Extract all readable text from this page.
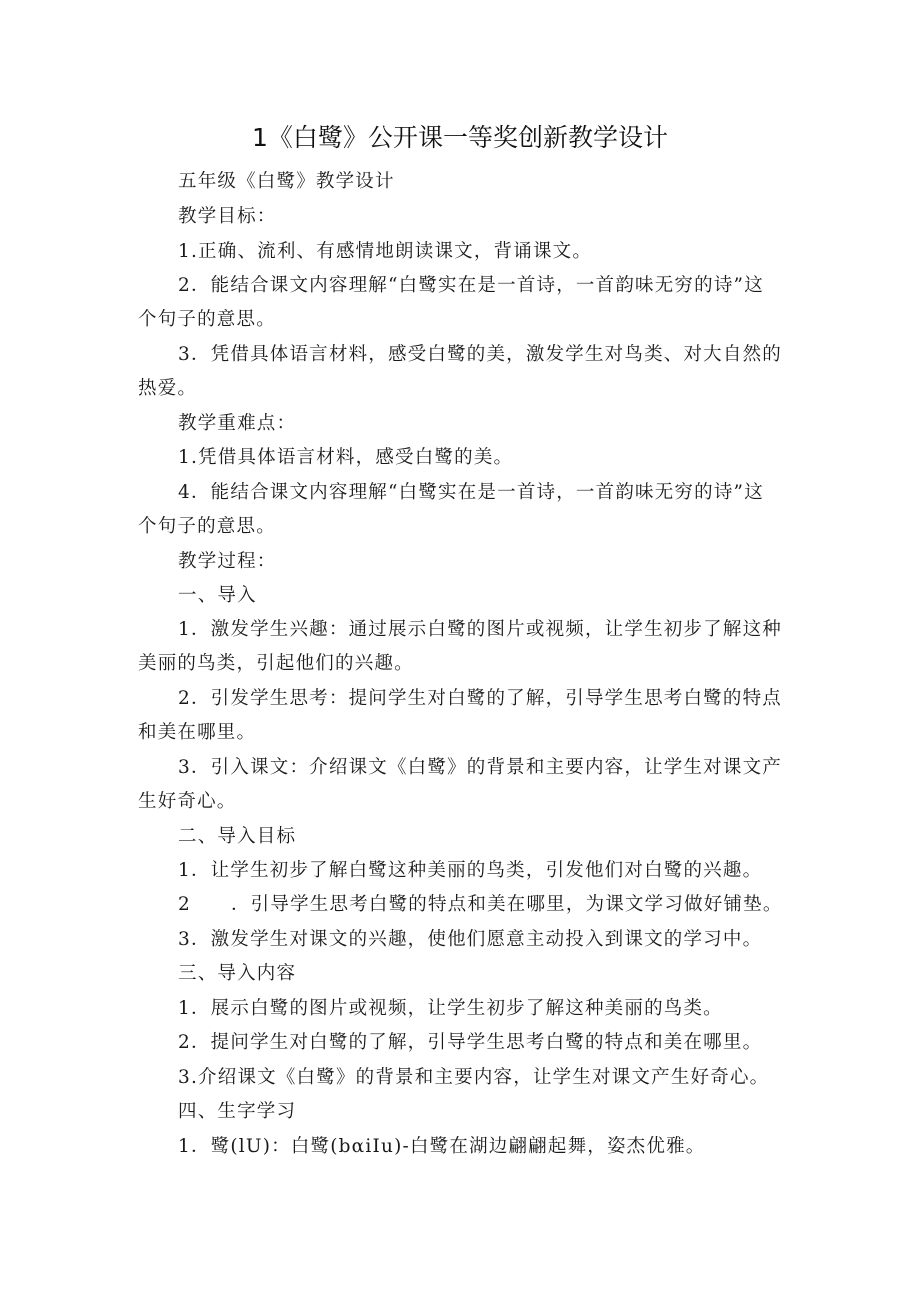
1《白鹭》公开课一等奖创新教学设计
五年级《白鹭》教学设计
教学目标：
1.正确、流利、有感情地朗读课文，背诵课文。
2．能结合课文内容理解“白鹭实在是一首诗，一首韵味无穷的诗”这
个句子的意思。
3．凭借具体语言材料，感受白鹭的美，激发学生对鸟类、对大自然的
热爱。
教学重难点：
1.凭借具体语言材料，感受白鹭的美。
4．能结合课文内容理解“白鹭实在是一首诗，一首韵味无穷的诗”这
个句子的意思。
教学过程：
一、导入
1．激发学生兴趣：通过展示白鹭的图片或视频，让学生初步了解这种
美丽的鸟类，引起他们的兴趣。
2．引发学生思考：提问学生对白鹭的了解，引导学生思考白鹭的特点
和美在哪里。
3．引入课文：介绍课文《白鹭》的背景和主要内容，让学生对课文产
生好奇心。
二、导入目标
1．让学生初步了解白鹭这种美丽的鸟类，引发他们对白鹭的兴趣。
2 ．引导学生思考白鹭的特点和美在哪里，为课文学习做好铺垫。
3．激发学生对课文的兴趣，使他们愿意主动投入到课文的学习中。
三、导入内容
1．展示白鹭的图片或视频，让学生初步了解这种美丽的鸟类。
2．提问学生对白鹭的了解，引导学生思考白鹭的特点和美在哪里。
3.介绍课文《白鹭》的背景和主要内容，让学生对课文产生好奇心。
四、生字学习
1．鹭(lU)：白鹭(bαiIu)-白鹭在湖边翩翩起舞，姿杰优雅。
